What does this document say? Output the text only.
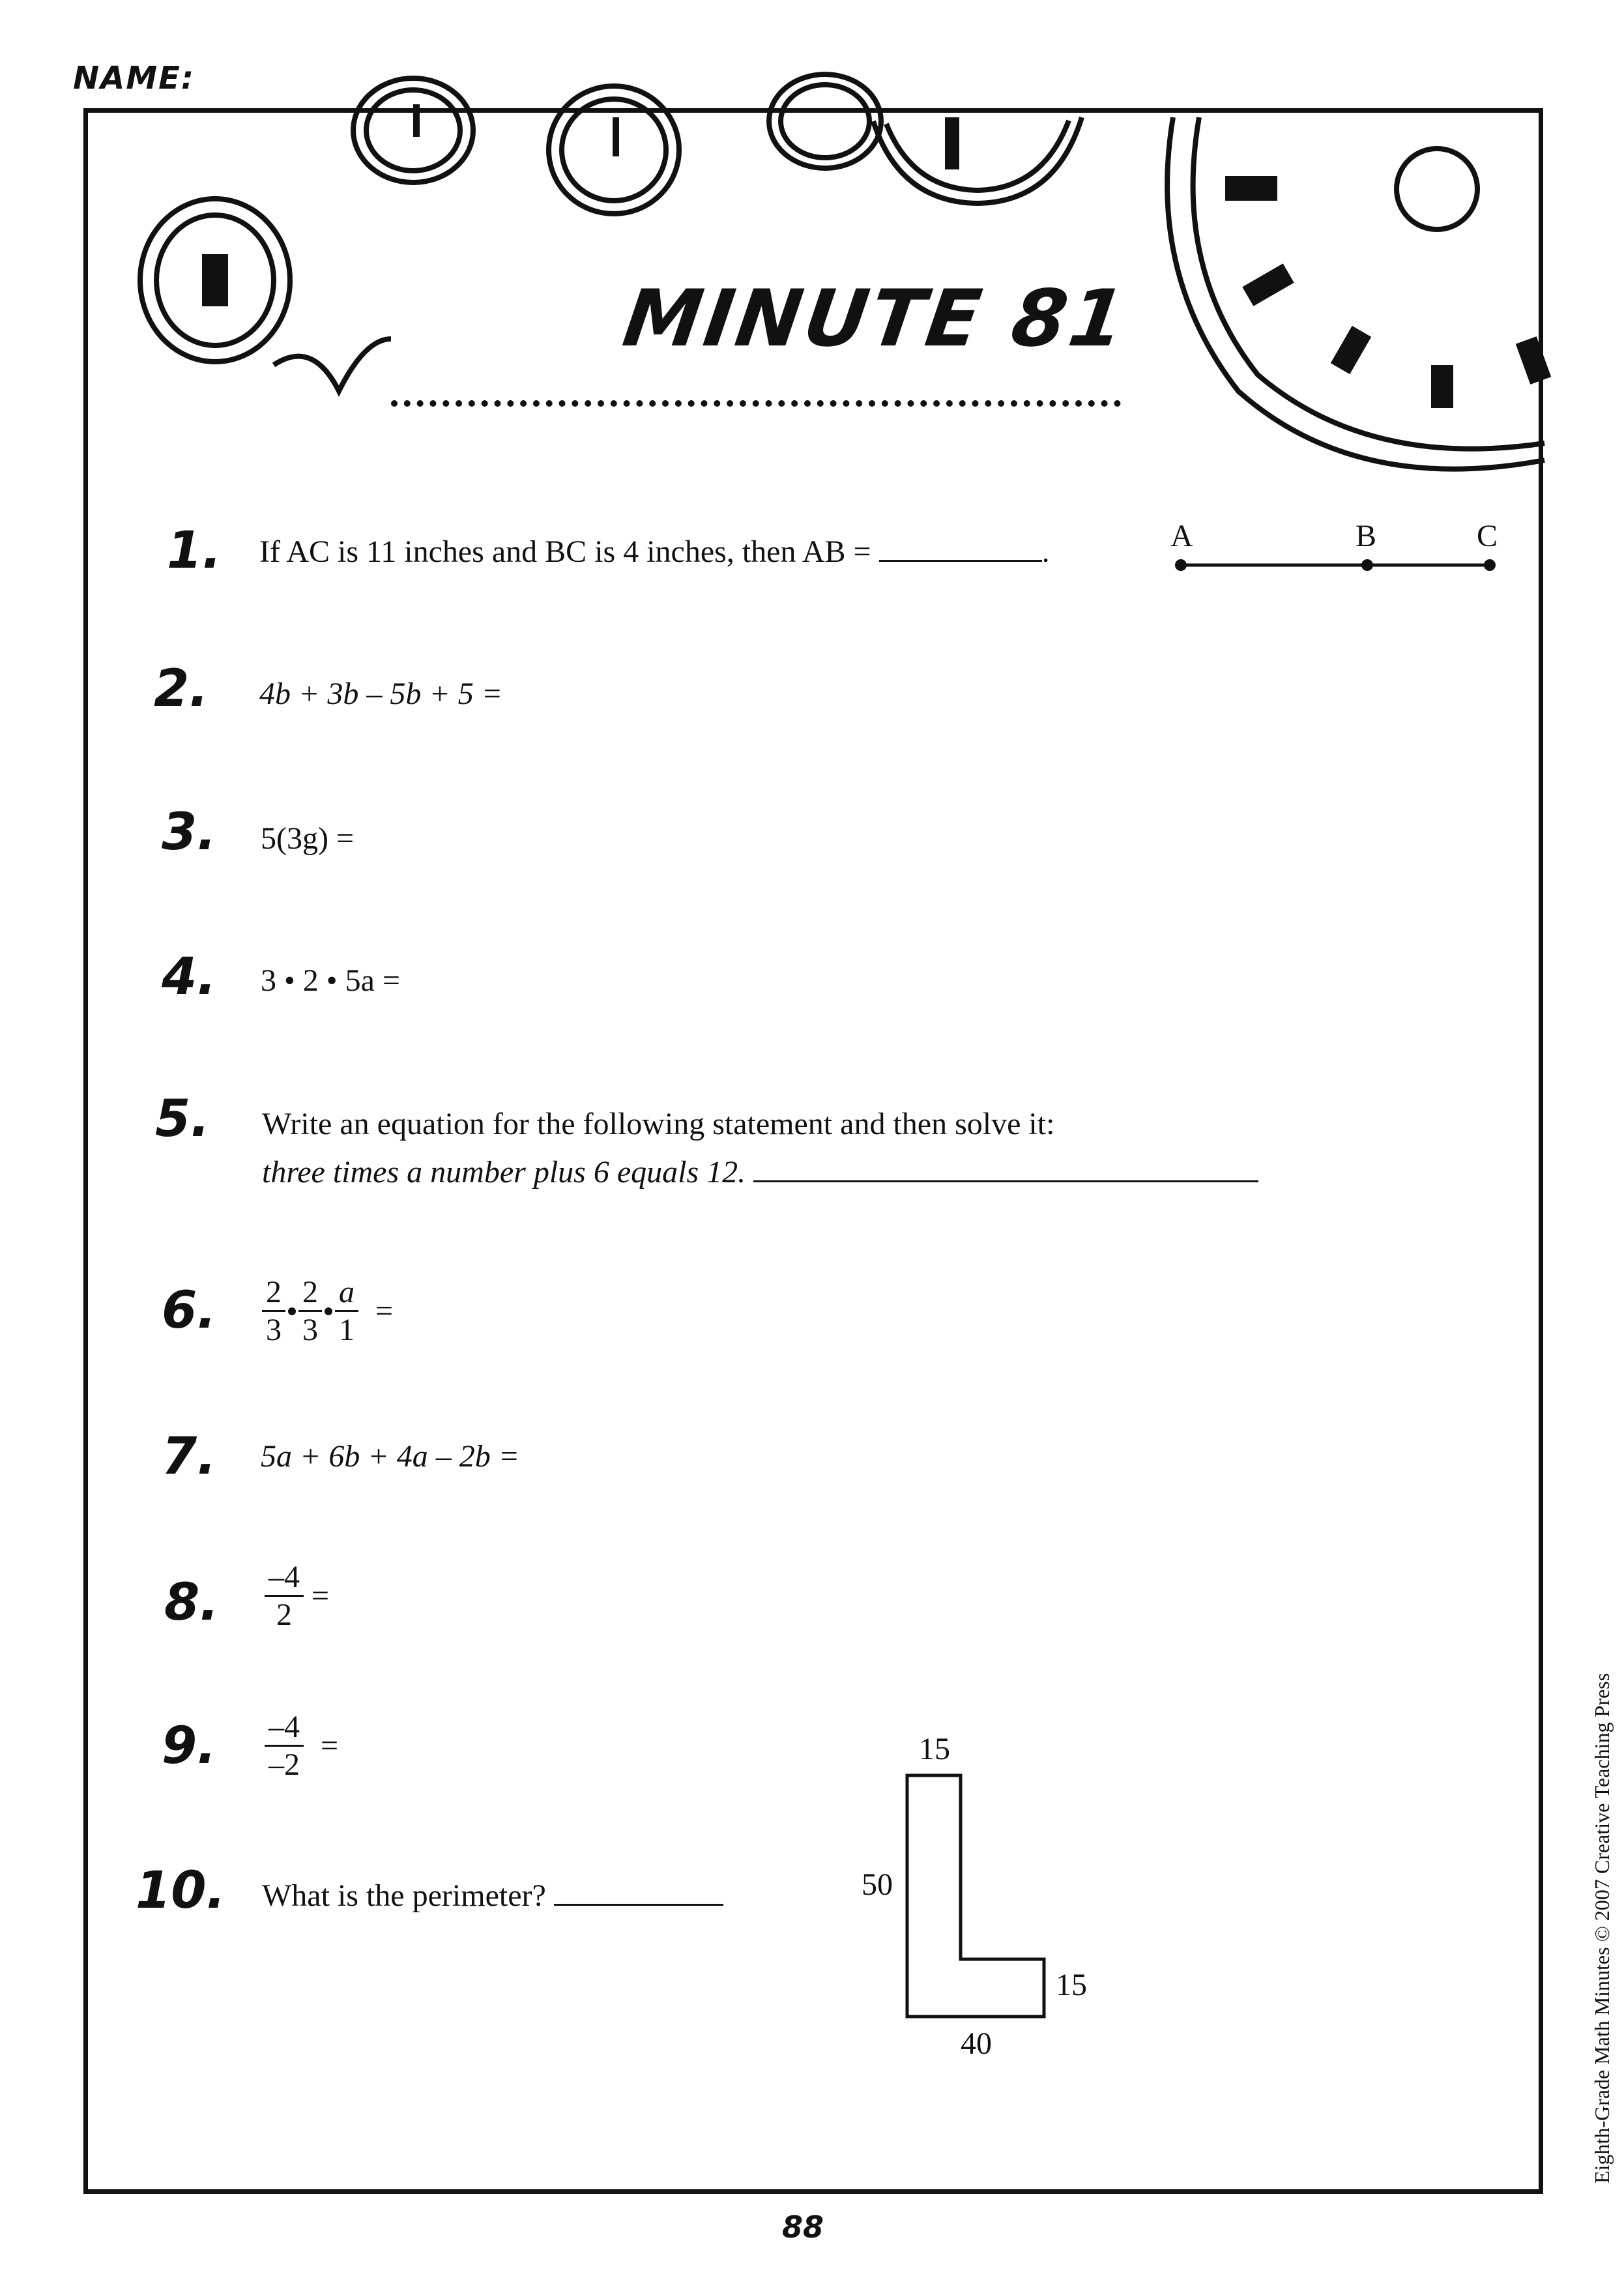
NAME:
MINUTE 81
1.	If AC is 11 inches and BC is 4 inches, then AB =	.	A	B	C
2.	4b + 3b – 5b + 5 =
3.	5(3g) =
4.	3 • 2 • 5a =
5.	Write an equation for the following statement and then solve it:
three times a number plus 6 equals 12.
6.	$\frac{2}{3} \frac{2}{3} \frac{a}{1}$ =
7.	5a + 6b + 4a – 2b =
8.	$\frac{-4}{2}$ =
9.	$\frac{-4}{-2}$ =
10. What is the perimeter?
15
50
15
40
88
Eighth-Grade Math Minutes © 2007 Creative Teaching Press
